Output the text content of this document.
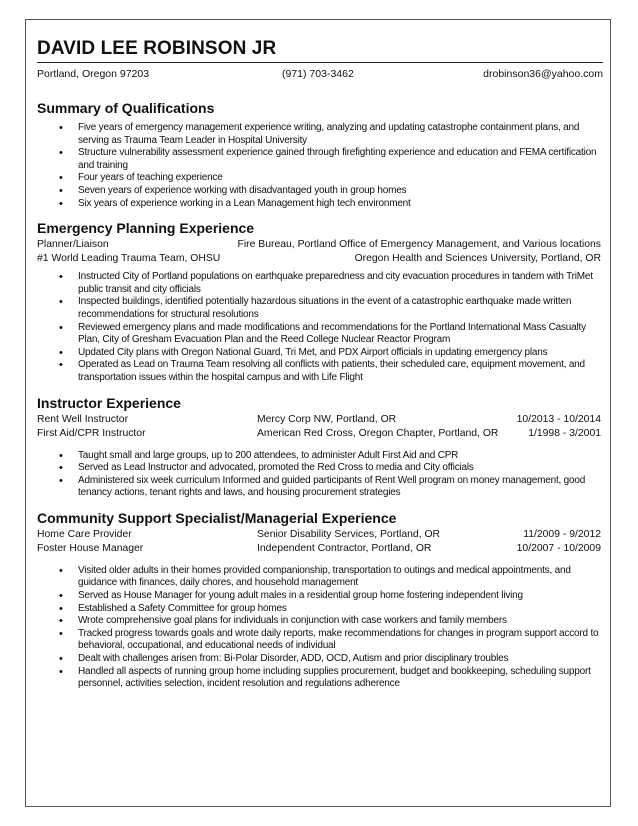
DAVID LEE ROBINSON JR
Portland, Oregon 97203	(971) 703-3462	drobinson36@yahoo.com
Summary of Qualifications
• Five years of emergency management experience writing, analyzing and updating catastrophe containment plans, and serving as Trauma Team Leader in Hospital University
• Structure vulnerability assessment experience gained through firefighting experience and education and FEMA certification and training
• Four years of teaching experience
• Seven years of experience working with disadvantaged youth in group homes
• Six years of experience working in a Lean Management high tech environment
Emergency Planning Experience
Planner/Liaison	Fire Bureau, Portland Office of Emergency Management, and Various locations
#1 World Leading Trauma Team, OHSU	Oregon Health and Sciences University, Portland, OR
• Instructed City of Portland populations on earthquake preparedness and city evacuation procedures in tandem with TriMet public transit and city officials
• Inspected buildings, identified potentially hazardous situations in the event of a catastrophic earthquake made written recommendations for structural resolutions
• Reviewed emergency plans and made modifications and recommendations for the Portland International Mass Casualty Plan, City of Gresham Evacuation Plan and the Reed College Nuclear Reactor Program
• Updated City plans with Oregon National Guard, Tri Met, and PDX Airport officials in updating emergency plans
• Operated as Lead on Trauma Team resolving all conflicts with patients, their scheduled care, equipment movement, and transportation issues within the hospital campus and with Life Flight
Instructor Experience
Rent Well Instructor	Mercy Corp NW, Portland, OR	10/2013 - 10/2014
First Aid/CPR Instructor	American Red Cross, Oregon Chapter, Portland, OR	1/1998 - 3/2001
• Taught small and large groups, up to 200 attendees, to administer Adult First Aid and CPR
• Served as Lead Instructor and advocated, promoted the Red Cross to media and City officials
• Administered six week curriculum Informed and guided participants of Rent Well program on money management, good tenancy actions, tenant rights and laws, and housing procurement strategies
Community Support Specialist/Managerial Experience
Home Care Provider	Senior Disability Services, Portland, OR	11/2009 - 9/2012
Foster House Manager	Independent Contractor, Portland, OR	10/2007 - 10/2009
• Visited older adults in their homes provided companionship, transportation to outings and medical appointments, and guidance with finances, daily chores, and household management
• Served as House Manager for young adult males in a residential group home fostering independent living
• Established a Safety Committee for group homes
• Wrote comprehensive goal plans for individuals in conjunction with case workers and family members
• Tracked progress towards goals and wrote daily reports, make recommendations for changes in program support accord to behavioral, occupational, and educational needs of individual
• Dealt with challenges arisen from: Bi-Polar Disorder, ADD, OCD, Autism and prior disciplinary troubles
• Handled all aspects of running group home including supplies procurement, budget and bookkeeping, scheduling support personnel, activities selection, incident resolution and regulations adherence
